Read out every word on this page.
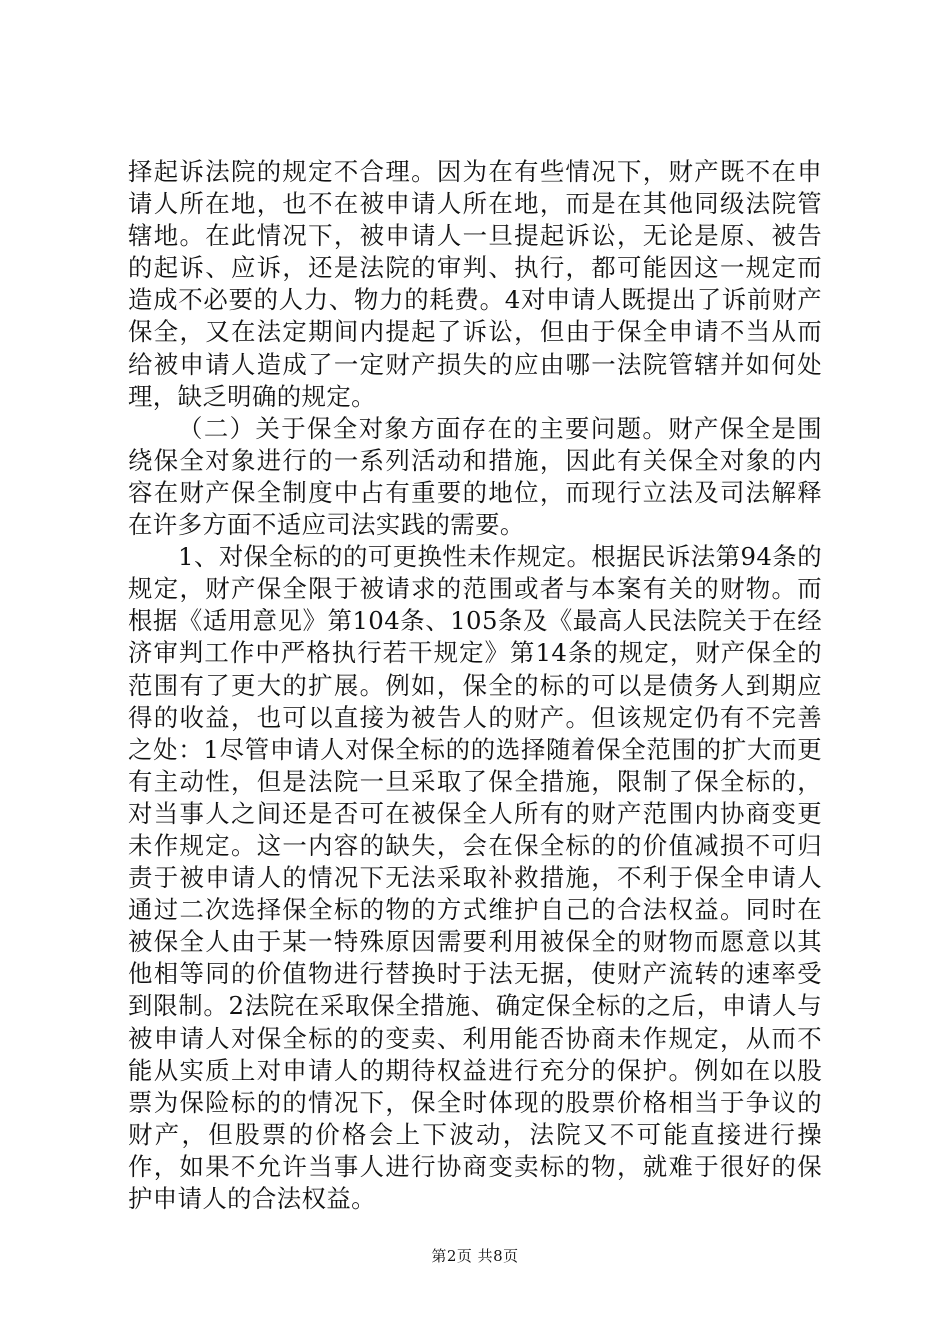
择起诉法院的规定不合理。因为在有些情况下，财产既不在申请人所在地，也不在被申请人所在地，而是在其他同级法院管辖地。在此情况下，被申请人一旦提起诉讼，无论是原、被告的起诉、应诉，还是法院的审判、执行，都可能因这一规定而造成不必要的人力、物力的耗费。4对申请人既提出了诉前财产保全，又在法定期间内提起了诉讼，但由于保全申请不当从而给被申请人造成了一定财产损失的应由哪一法院管辖并如何处理，缺乏明确的规定。

（二）关于保全对象方面存在的主要问题。财产保全是围绕保全对象进行的一系列活动和措施，因此有关保全对象的内容在财产保全制度中占有重要的地位，而现行立法及司法解释在许多方面不适应司法实践的需要。

1、对保全标的的可更换性未作规定。根据民诉法第94条的规定，财产保全限于被请求的范围或者与本案有关的财物。而根据《适用意见》第104条、105条及《最高人民法院关于在经济审判工作中严格执行若干规定》第14条的规定，财产保全的范围有了更大的扩展。例如，保全的标的可以是债务人到期应得的收益，也可以直接为被告人的财产。但该规定仍有不完善之处：1尽管申请人对保全标的的选择随着保全范围的扩大而更有主动性，但是法院一旦采取了保全措施，限制了保全标的，对当事人之间还是否可在被保全人所有的财产范围内协商变更未作规定。这一内容的缺失，会在保全标的的价值减损不可归责于被申请人的情况下无法采取补救措施，不利于保全申请人通过二次选择保全标的物的方式维护自己的合法权益。同时在被保全人由于某一特殊原因需要利用被保全的财物而愿意以其他相等同的价值物进行替换时于法无据，使财产流转的速率受到限制。2法院在采取保全措施、确定保全标的之后，申请人与被申请人对保全标的的变卖、利用能否协商未作规定，从而不能从实质上对申请人的期待权益进行充分的保护。例如在以股票为保险标的的情况下，保全时体现的股票价格相当于争议的财产，但股票的价格会上下波动，法院又不可能直接进行操作，如果不允许当事人进行协商变卖标的物，就难于很好的保护申请人的合法权益。

第2页 共8页
